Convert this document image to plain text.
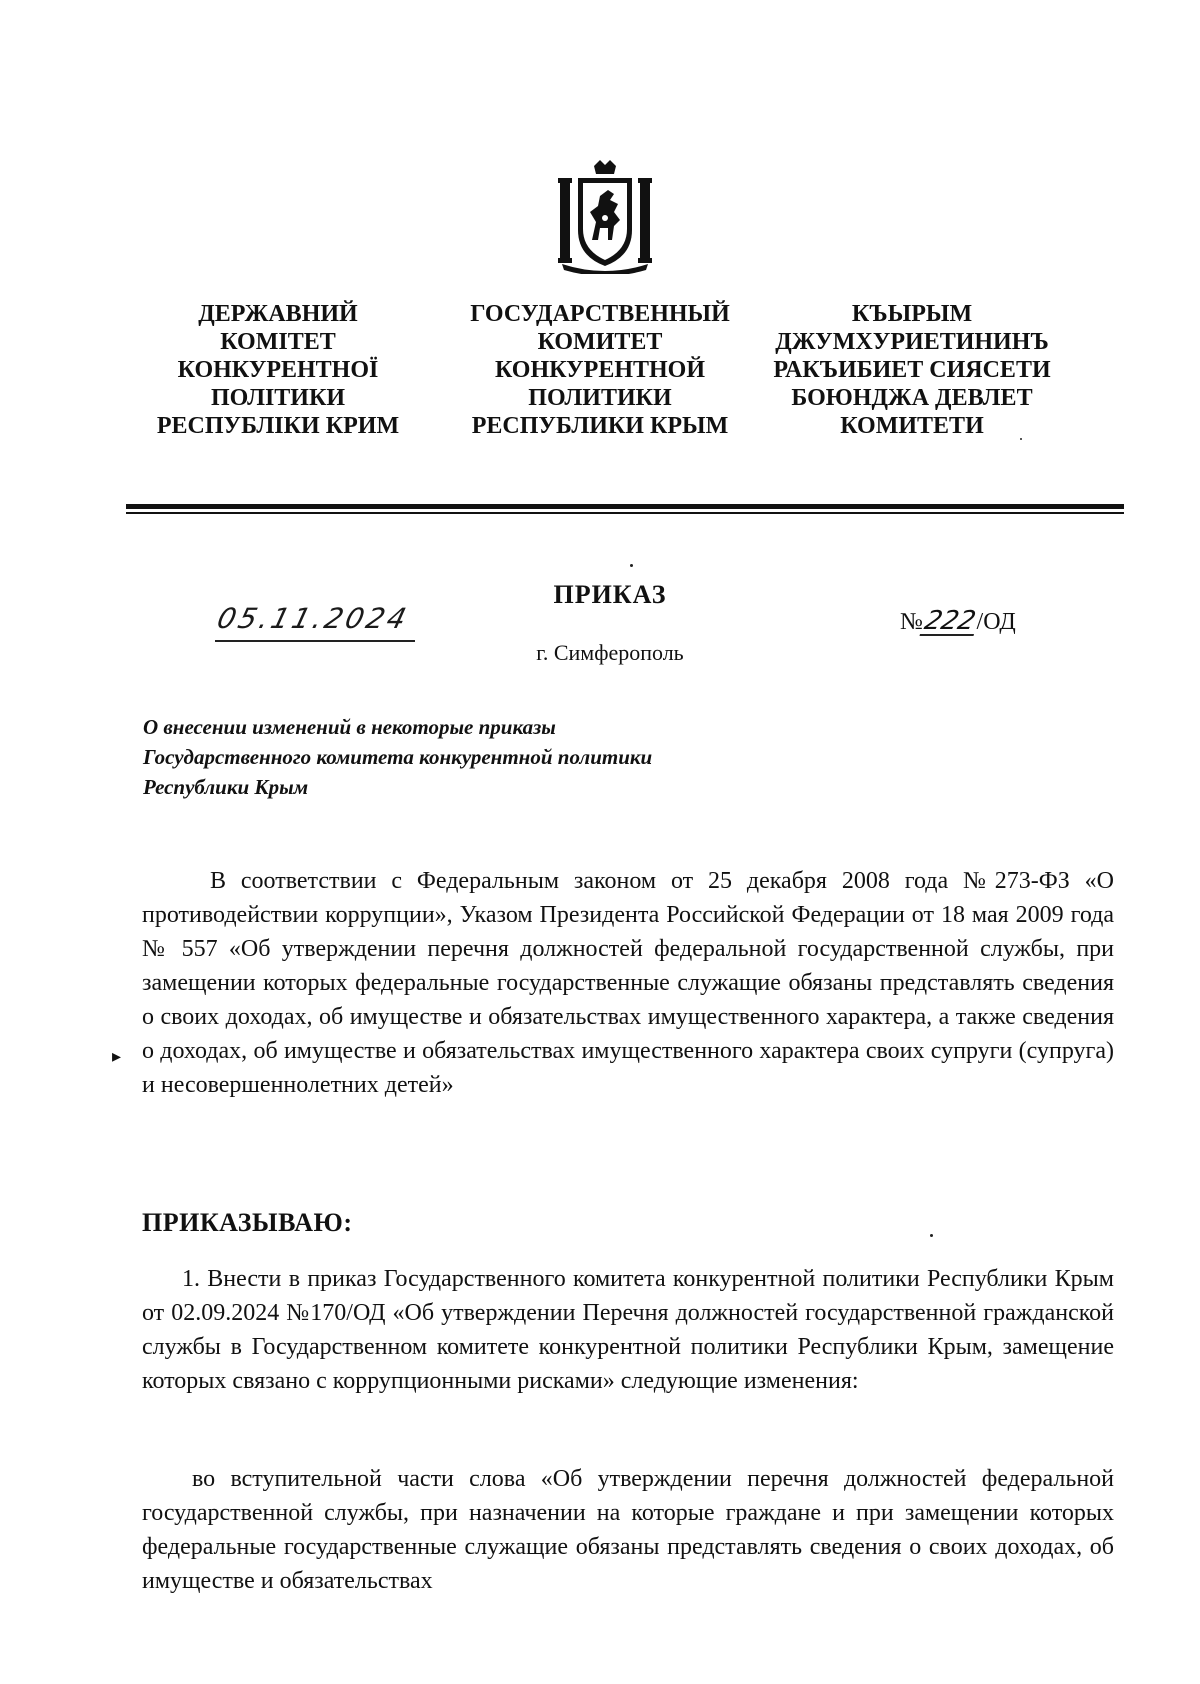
ДЕРЖАВНИЙ
КОМІТЕТ
КОНКУРЕНТНОЇ
ПОЛІТИКИ
РЕСПУБЛІКИ КРИМ
ГОСУДАРСТВЕННЫЙ
КОМИТЕТ
КОНКУРЕНТНОЙ
ПОЛИТИКИ
РЕСПУБЛИКИ КРЫМ
КЪЫРЫМ
ДЖУМХУРИЕТИНИНЪ
РАКЪИБИЕТ СИЯСЕТИ
БОЮНДЖА ДЕВЛЕТ
КОМИТЕТИ
ПРИКАЗ
г. Симферополь
05.11.2024	№222/ОД
О внесении изменений в некоторые приказы Государственного комитета конкурентной политики Республики Крым
В соответствии с Федеральным законом от 25 декабря 2008 года №273-ФЗ «О противодействии коррупции», Указом Президента Российской Федерации от 18 мая 2009 года № 557 «Об утверждении перечня должностей федеральной государственной службы, при замещении которых федеральные государственные служащие обязаны представлять сведения о своих доходах, об имуществе и обязательствах имущественного характера, а также сведения о доходах, об имуществе и обязательствах имущественного характера своих супруги (супруга) и несовершеннолетних детей»
▸
ПРИКАЗЫВАЮ:
1. Внести в приказ Государственного комитета конкурентной политики Республики Крым от 02.09.2024 №170/ОД «Об утверждении Перечня должностей государственной гражданской службы в Государственном комитете конкурентной политики Республики Крым, замещение которых связано с коррупционными рисками» следующие изменения:
во вступительной части слова «Об утверждении перечня должностей федеральной государственной службы, при назначении на которые граждане и при замещении которых федеральные государственные служащие обязаны представлять сведения о своих доходах, об имуществе и обязательствах
